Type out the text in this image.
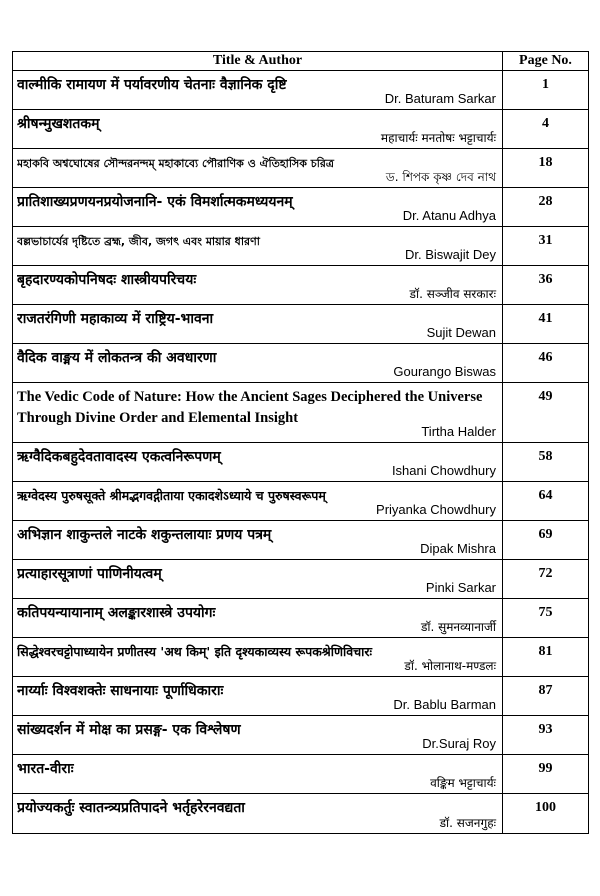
Title & Author	Page No.
वाल्मीकि रामायण में पर्यावरणीय चेतनाः वैज्ञानिक दृष्टि
Dr. Baturam Sarkar
1
श्रीषन्मुखशतकम्
महाचार्यः मनतोषः भट्टाचार्यः
4
মহাকবি অশ্বঘোষের সৌন্দরনন্দম্ মহাকাব্যে পৌরাণিক ও ঐতিহাসিক চরিত্র
ড. শিপক কৃষ্ণ দেব নাথ
18
प्रातिशाख्यप्रणयनप्रयोजनानि- एकं विमर्शात्मकमध्ययनम्
Dr. Atanu Adhya
28
বল্লভাচার্যের দৃষ্টিতে ব্রহ্ম, জীব, জগৎ এবং মায়ার ধারণা
Dr. Biswajit Dey
31
बृहदारण्यकोपनिषदः शास्त्रीयपरिचयः
डॉ. सञ्जीव सरकारः
36
राजतरंगिणी महाकाव्य में राष्ट्रिय-भावना
Sujit Dewan
41
वैदिक वाङ्मय में लोकतन्त्र की अवधारणा
Gourango Biswas
46
The Vedic Code of Nature: How the Ancient Sages Deciphered the Universe Through Divine Order and Elemental Insight
Tirtha Halder
49
ऋग्वैदिकबहुदेवतावादस्य एकत्वनिरूपणम्
Ishani Chowdhury
58
ऋग्वेदस्य पुरुषसूक्ते श्रीमद्भगवद्गीताया एकादशेऽध्याये च पुरुषस्वरूपम्
Priyanka Chowdhury
64
अभिज्ञान शाकुन्तले नाटके शकुन्तलायाः प्रणय पत्रम्
Dipak Mishra
69
प्रत्याहारसूत्राणां पाणिनीयत्वम्
Pinki Sarkar
72
कतिपयन्यायानाम् अलङ्कारशास्त्रे उपयोगः
डॉ. सुमनव्यानार्जी
75
सिद्धेश्वरचट्टोपाध्यायेन प्रणीतस्य 'अथ किम्' इति दृश्यकाव्यस्य रूपकश्रेणिविचारः
डॉ. भोलानाथ-मण्डलः
81
नार्य्याः विश्वशक्तेः साधनायाः पूर्णाधिकाराः
Dr. Bablu Barman
87
सांख्यदर्शन में मोक्ष का प्रसङ्ग- एक विश्लेषण
Dr.Suraj Roy
93
भारत-वीराः
वङ्किम भट्टाचार्यः
99
प्रयोज्यकर्तुः स्वातन्त्र्यप्रतिपादने भर्तृहरेरनवद्यता
डॉ. सजनगुहः
100
